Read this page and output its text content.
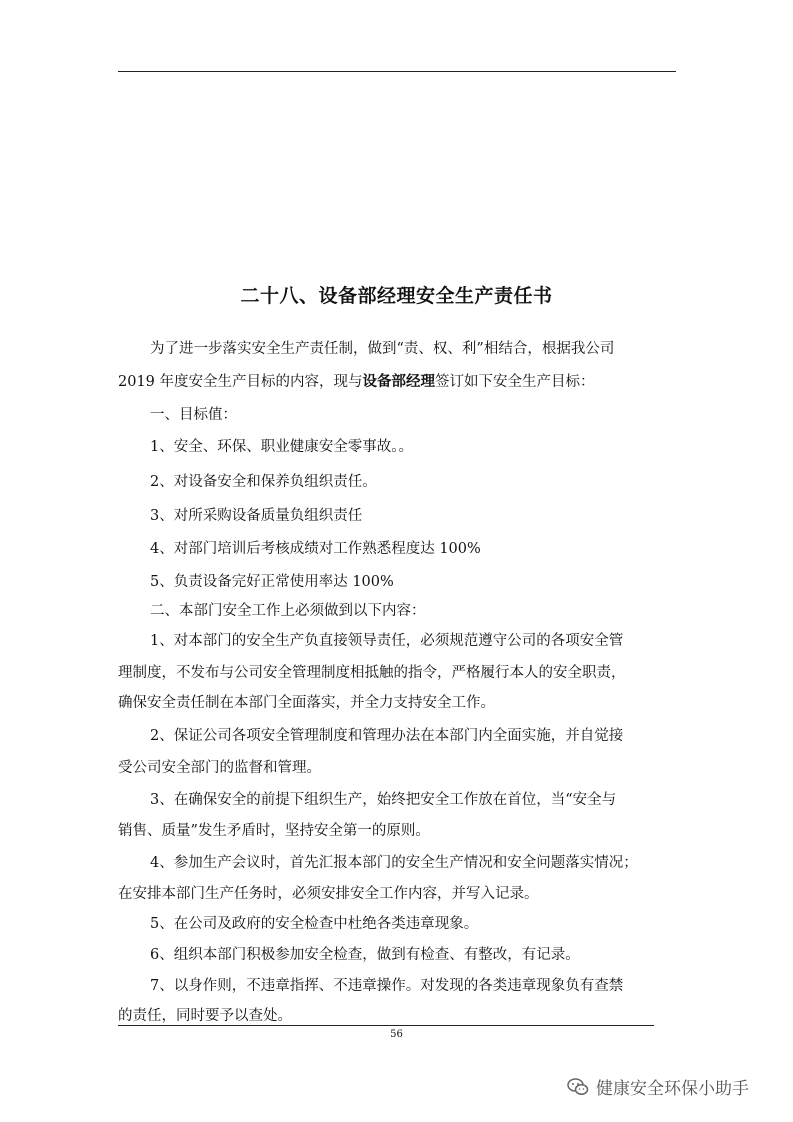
二十八、设备部经理安全生产责任书
为了进一步落实安全生产责任制，做到“责、权、利”相结合，根据我公司
2019 年度安全生产目标的内容，现与设备部经理签订如下安全生产目标：
一、目标值：
1、安全、环保、职业健康安全零事故。。
2、对设备安全和保养负组织责任。
3、对所采购设备质量负组织责任
4、对部门培训后考核成绩对工作熟悉程度达 100%
5、负责设备完好正常使用率达 100%
二、本部门安全工作上必须做到以下内容：
1、对本部门的安全生产负直接领导责任，必须规范遵守公司的各项安全管
理制度，不发布与公司安全管理制度相抵触的指令，严格履行本人的安全职责，
确保安全责任制在本部门全面落实，并全力支持安全工作。
2、保证公司各项安全管理制度和管理办法在本部门内全面实施，并自觉接
受公司安全部门的监督和管理。
3、在确保安全的前提下组织生产，始终把安全工作放在首位，当“安全与
销售、质量”发生矛盾时，坚持安全第一的原则。
4、参加生产会议时，首先汇报本部门的安全生产情况和安全问题落实情况；
在安排本部门生产任务时，必须安排安全工作内容，并写入记录。
5、在公司及政府的安全检查中杜绝各类违章现象。
6、组织本部门积极参加安全检查，做到有检查、有整改，有记录。
7、以身作则，不违章指挥、不违章操作。对发现的各类违章现象负有查禁
的责任，同时要予以查处。
56
健康安全环保小助手
